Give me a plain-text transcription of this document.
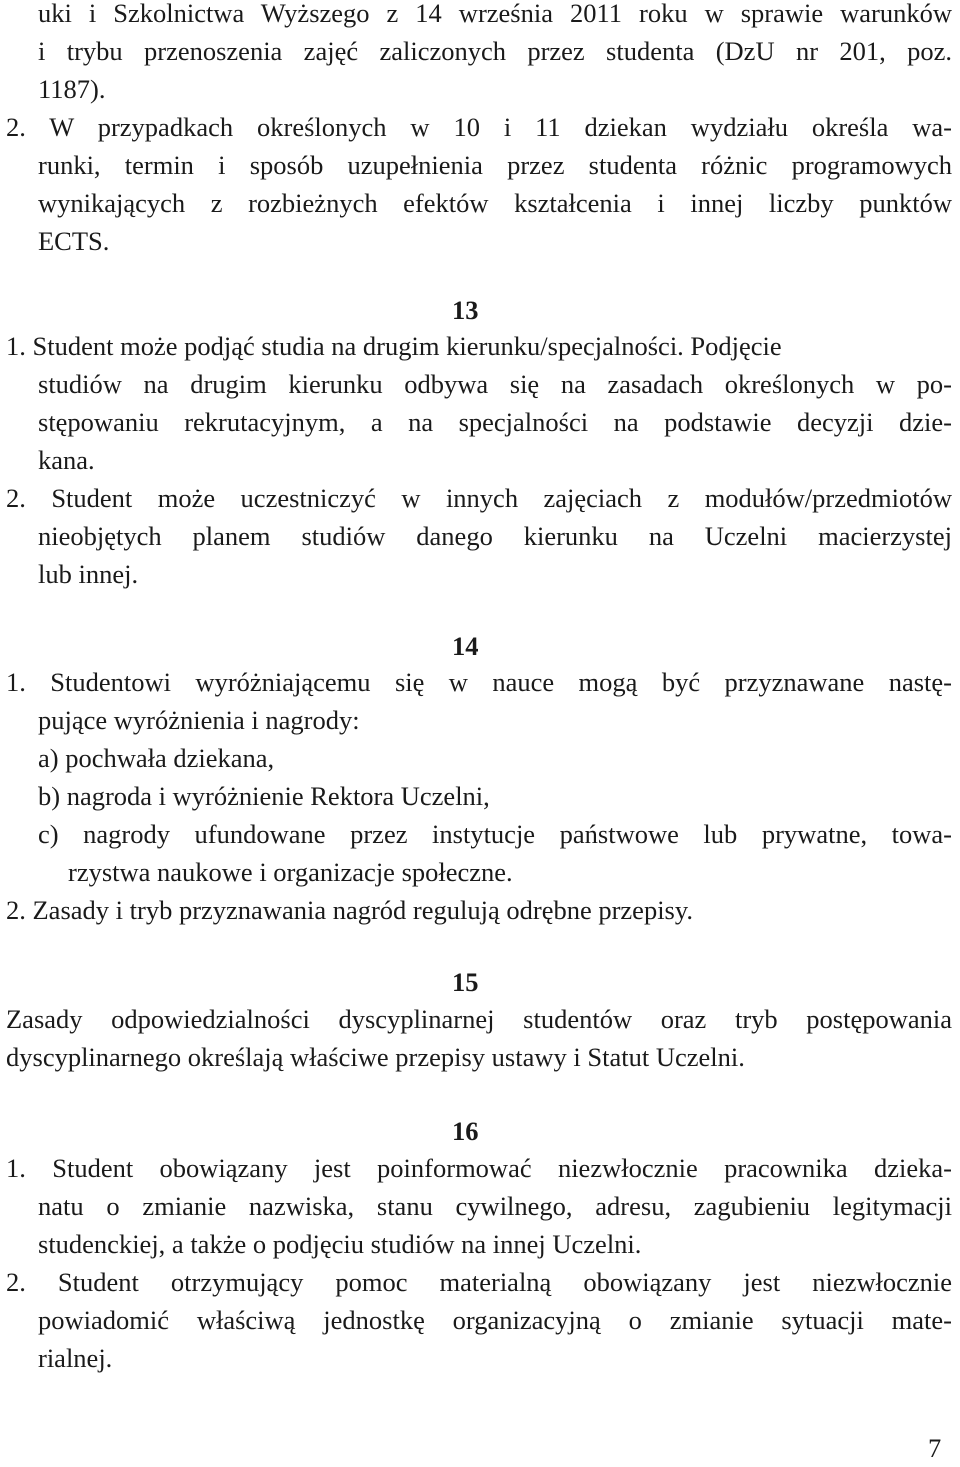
uki i Szkolnictwa Wyższego z 14 września 2011 roku w sprawie warunków
i trybu przenoszenia zajęć zaliczonych przez studenta (DzU nr 201, poz.
1187).
2. W przypadkach określonych w 10 i 11 dziekan wydziału określa wa-
runki, termin i sposób uzupełnienia przez studenta różnic programowych
wynikających z rozbieżnych efektów kształcenia i innej liczby punktów
ECTS.
13
1. Student może podjąć studia na drugim kierunku/specjalności. Podjęcie
studiów na drugim kierunku odbywa się na zasadach określonych w po-
stępowaniu rekrutacyjnym, a na specjalności na podstawie decyzji dzie-
kana.
2. Student może uczestniczyć w innych zajęciach z modułów/przedmiotów
nieobjętych planem studiów danego kierunku na Uczelni macierzystej
lub innej.
14
1. Studentowi wyróżniającemu się w nauce mogą być przyznawane nastę-
pujące wyróżnienia i nagrody:
a) pochwała dziekana,
b) nagroda i wyróżnienie Rektora Uczelni,
c) nagrody ufundowane przez instytucje państwowe lub prywatne, towa-
rzystwa naukowe i organizacje społeczne.
2. Zasady i tryb przyznawania nagród regulują odrębne przepisy.
15
Zasady odpowiedzialności dyscyplinarnej studentów oraz tryb postępowania
dyscyplinarnego określają właściwe przepisy ustawy i Statut Uczelni.
16
1. Student obowiązany jest poinformować niezwłocznie pracownika dzieka-
natu o zmianie nazwiska, stanu cywilnego, adresu, zagubieniu legitymacji
studenckiej, a także o podjęciu studiów na innej Uczelni.
2. Student otrzymujący pomoc materialną obowiązany jest niezwłocznie
powiadomić właściwą jednostkę organizacyjną o zmianie sytuacji mate-
rialnej.
7
